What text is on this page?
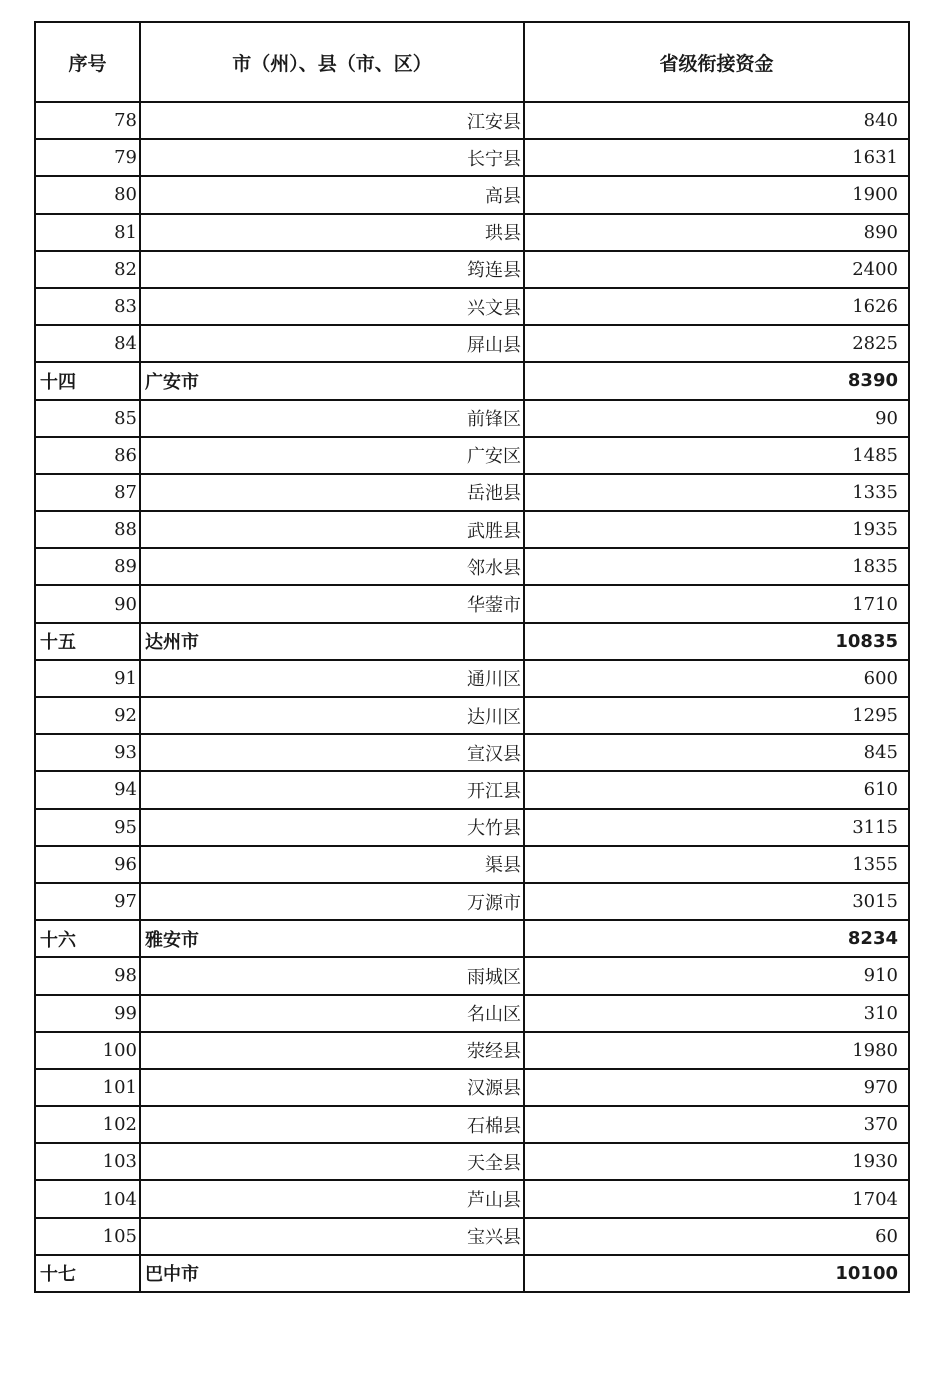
序号	市（州）、县（市、区）	省级衔接资金
78	江安县	840
79	长宁县	1631
80	高县	1900
81	珙县	890
82	筠连县	2400
83	兴文县	1626
84	屏山县	2825
十四	广安市	8390
85	前锋区	90
86	广安区	1485
87	岳池县	1335
88	武胜县	1935
89	邻水县	1835
90	华蓥市	1710
十五	达州市	10835
91	通川区	600
92	达川区	1295
93	宣汉县	845
94	开江县	610
95	大竹县	3115
96	渠县	1355
97	万源市	3015
十六	雅安市	8234
98	雨城区	910
99	名山区	310
100	荥经县	1980
101	汉源县	970
102	石棉县	370
103	天全县	1930
104	芦山县	1704
105	宝兴县	60
十七	巴中市	10100
